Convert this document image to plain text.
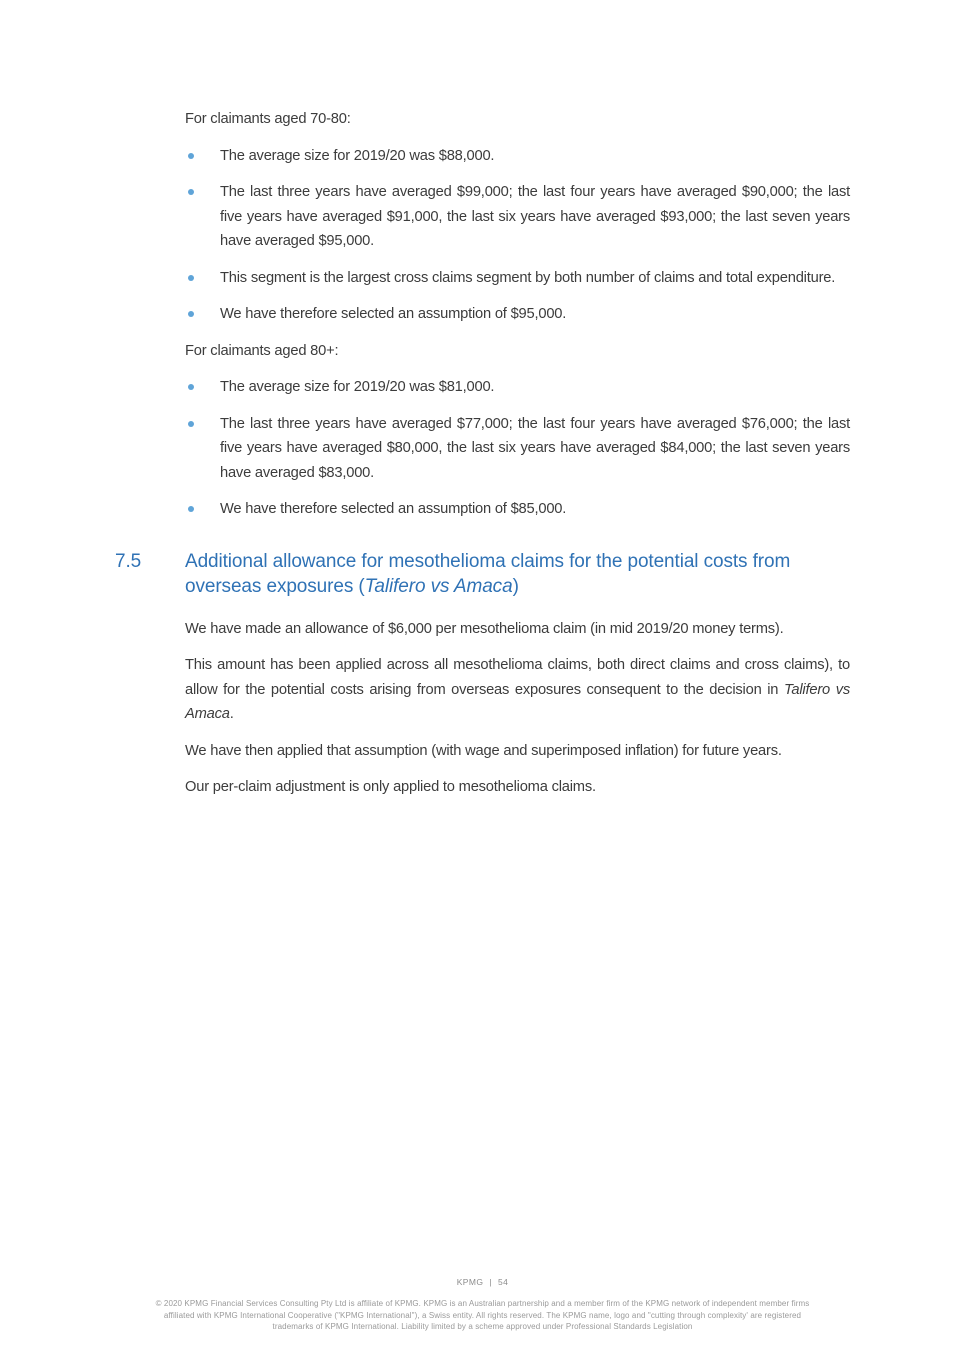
For claimants aged 70-80:

The average size for 2019/20 was $88,000.
The last three years have averaged $99,000; the last four years have averaged $90,000; the last five years have averaged $91,000, the last six years have averaged $93,000; the last seven years have averaged $95,000.
This segment is the largest cross claims segment by both number of claims and total expenditure.
We have therefore selected an assumption of $95,000.

For claimants aged 80+:

The average size for 2019/20 was $81,000.
The last three years have averaged $77,000; the last four years have averaged $76,000; the last five years have averaged $80,000, the last six years have averaged $84,000; the last seven years have averaged $83,000.
We have therefore selected an assumption of $85,000.
7.5 Additional allowance for mesothelioma claims for the potential costs from overseas exposures (Talifero vs Amaca)

We have made an allowance of $6,000 per mesothelioma claim (in mid 2019/20 money terms).

This amount has been applied across all mesothelioma claims, both direct claims and cross claims), to allow for the potential costs arising from overseas exposures consequent to the decision in Talifero vs Amaca.

We have then applied that assumption (with wage and superimposed inflation) for future years.

Our per-claim adjustment is only applied to mesothelioma claims.

KPMG | 54
© 2020 KPMG Financial Services Consulting Pty Ltd is affiliate of KPMG. KPMG is an Australian partnership and a member firm of the KPMG network of independent member firms
affiliated with KPMG International Cooperative ("KPMG International"), a Swiss entity. All rights reserved. The KPMG name, logo and "cutting through complexity' are registered
trademarks of KPMG International. Liability limited by a scheme approved under Professional Standards Legislation
